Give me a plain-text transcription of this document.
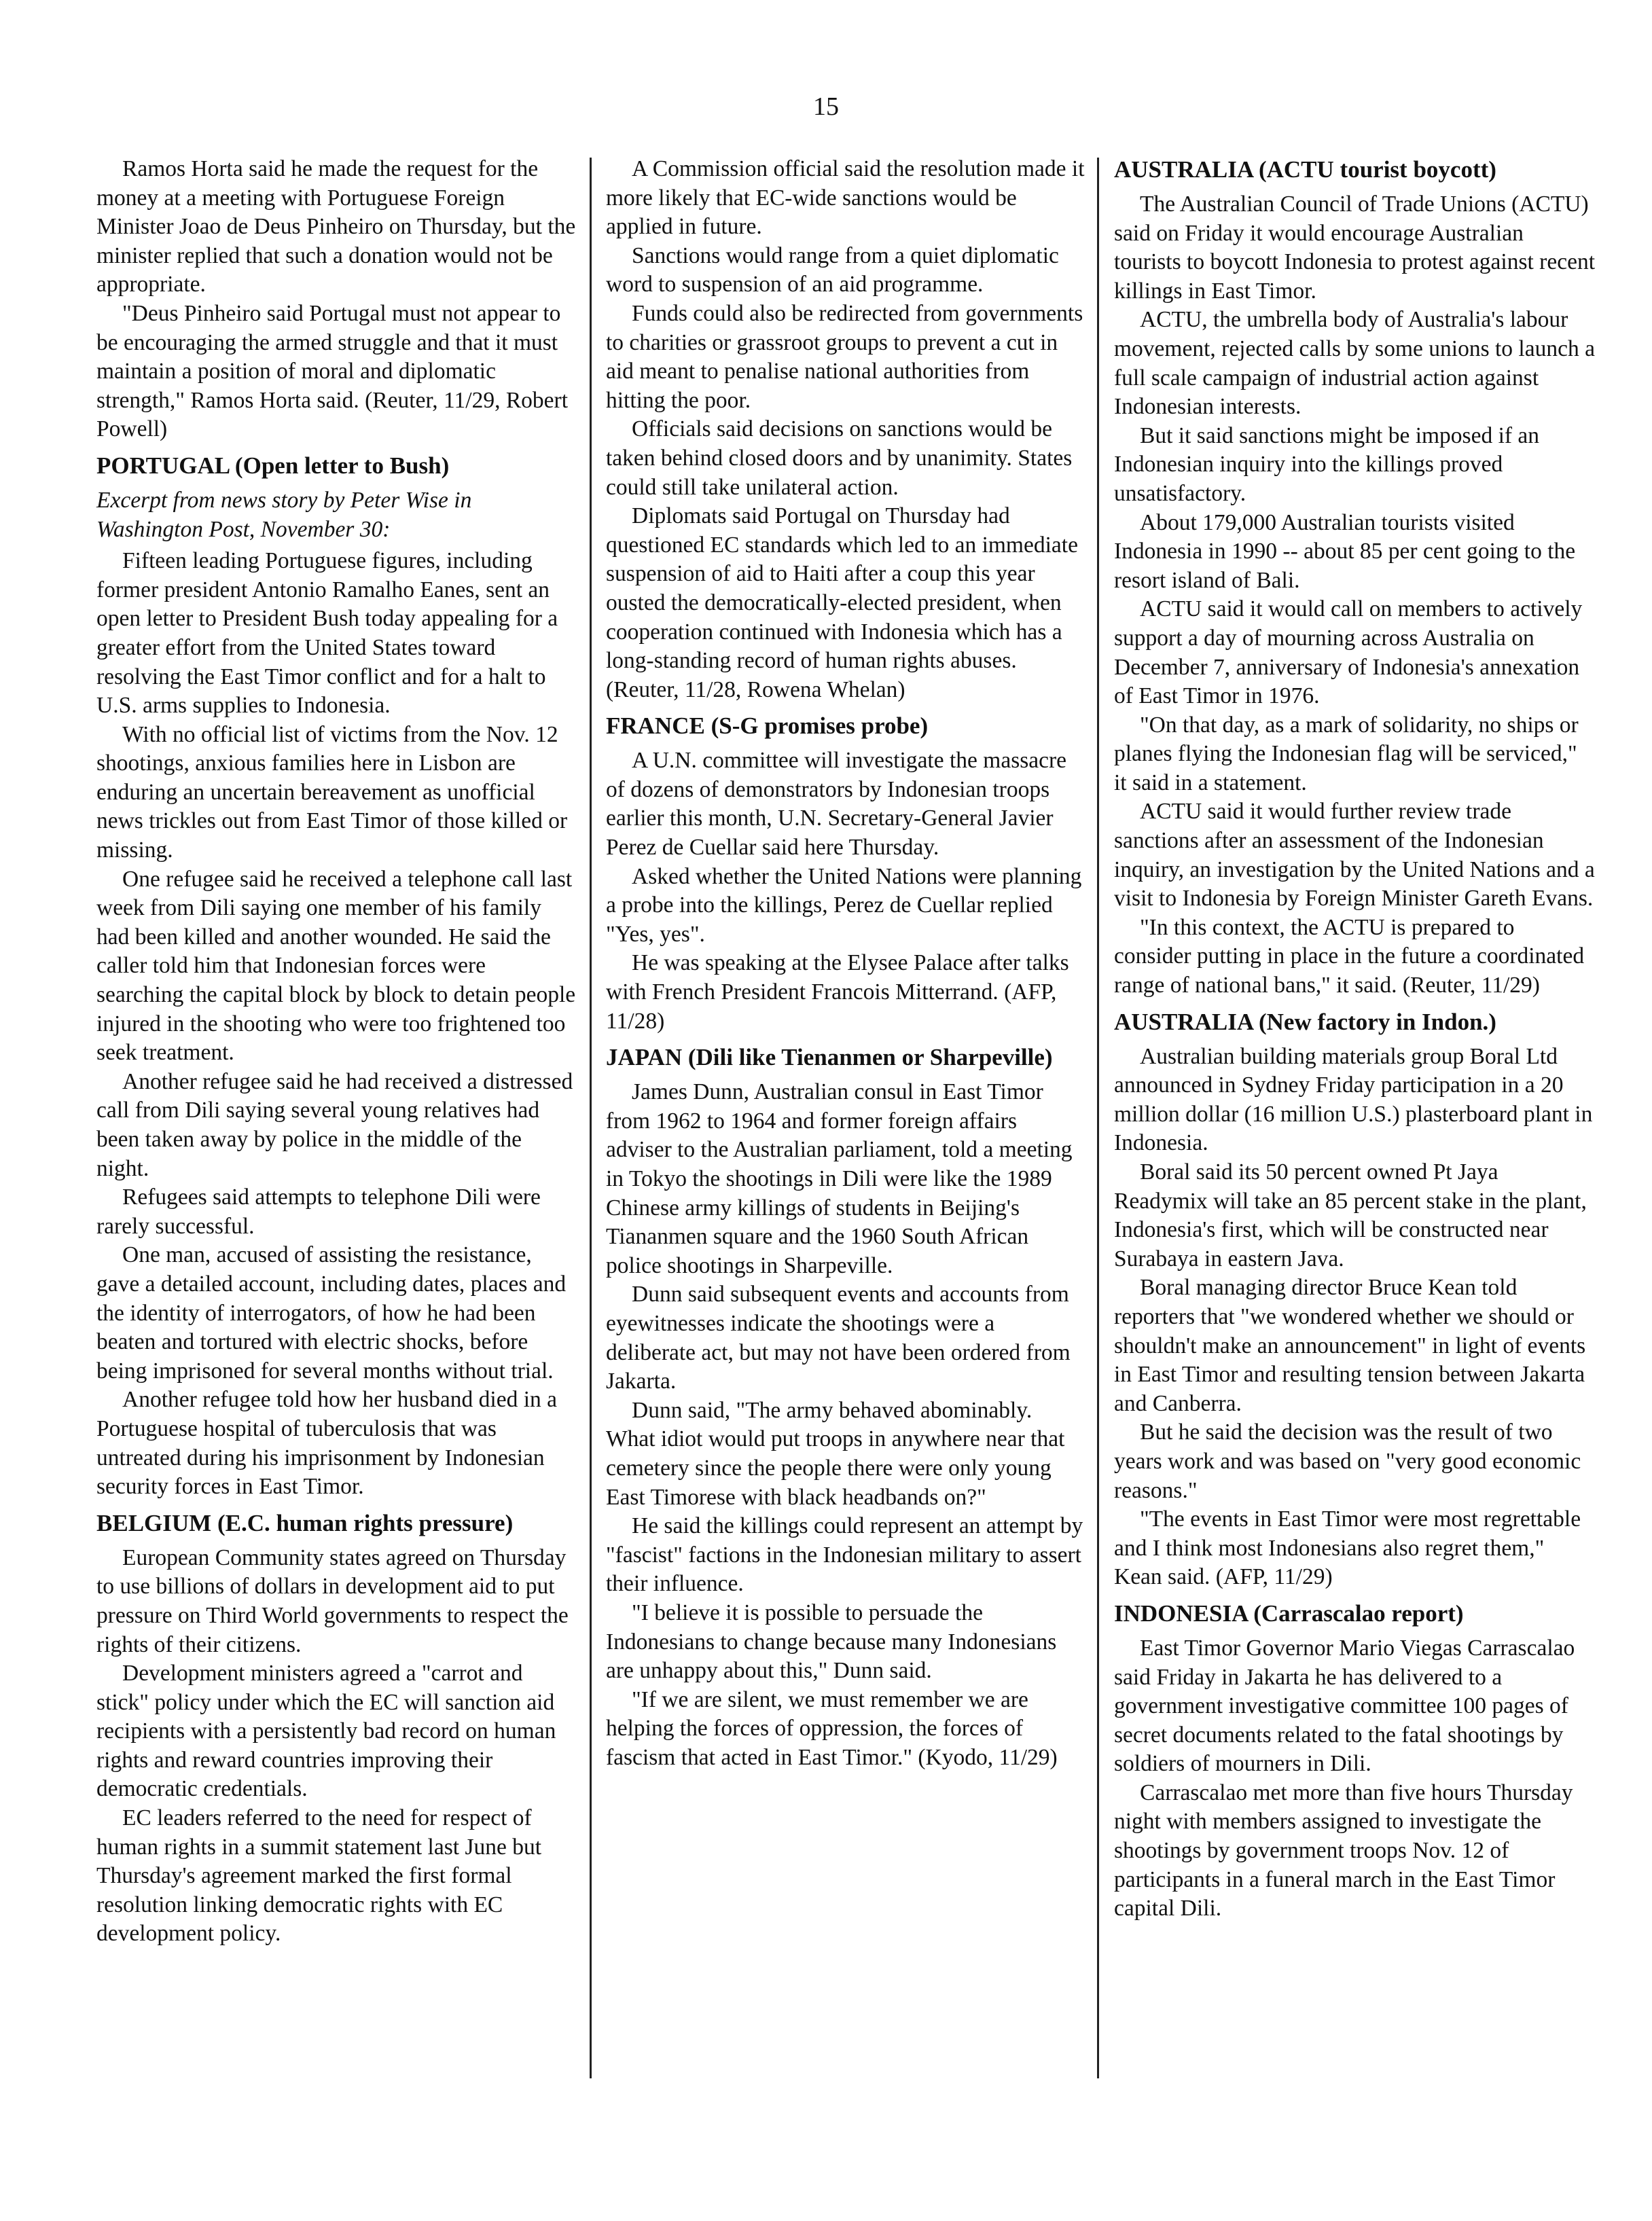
15

Ramos Horta said he made the request for the money at a meeting with Portuguese Foreign Minister Joao de Deus Pinheiro on Thursday, but the minister replied that such a donation would not be appropriate.

"Deus Pinheiro said Portugal must not appear to be encouraging the armed struggle and that it must maintain a position of moral and diplomatic strength," Ramos Horta said. (Reuter, 11/29, Robert Powell)

PORTUGAL (Open letter to Bush)

Excerpt from news story by Peter Wise in Washington Post, November 30:

Fifteen leading Portuguese figures, including former president Antonio Ramalho Eanes, sent an open letter to President Bush today appealing for a greater effort from the United States toward resolving the East Timor conflict and for a halt to U.S. arms supplies to Indonesia.

With no official list of victims from the Nov. 12 shootings, anxious families here in Lisbon are enduring an uncertain bereavement as unofficial news trickles out from East Timor of those killed or missing.

One refugee said he received a telephone call last week from Dili saying one member of his family had been killed and another wounded. He said the caller told him that Indonesian forces were searching the capital block by block to detain people injured in the shooting who were too frightened too seek treatment.

Another refugee said he had received a distressed call from Dili saying several young relatives had been taken away by police in the middle of the night.

Refugees said attempts to telephone Dili were rarely successful.

One man, accused of assisting the resistance, gave a detailed account, including dates, places and the identity of interrogators, of how he had been beaten and tortured with electric shocks, before being imprisoned for several months without trial.

Another refugee told how her husband died in a Portuguese hospital of tuberculosis that was untreated during his imprisonment by Indonesian security forces in East Timor.

BELGIUM (E.C. human rights pressure)

European Community states agreed on Thursday to use billions of dollars in development aid to put pressure on Third World governments to respect the rights of their citizens.

Development ministers agreed a "carrot and stick" policy under which the EC will sanction aid recipients with a persistently bad record on human rights and reward countries improving their democratic credentials.

EC leaders referred to the need for respect of human rights in a summit statement last June but Thursday's agreement marked the first formal resolution linking democratic rights with EC development policy.

A Commission official said the resolution made it more likely that EC-wide sanctions would be applied in future.

Sanctions would range from a quiet diplomatic word to suspension of an aid programme.

Funds could also be redirected from governments to charities or grassroot groups to prevent a cut in aid meant to penalise national authorities from hitting the poor.

Officials said decisions on sanctions would be taken behind closed doors and by unanimity. States could still take unilateral action.

Diplomats said Portugal on Thursday had questioned EC standards which led to an immediate suspension of aid to Haiti after a coup this year ousted the democratically-elected president, when cooperation continued with Indonesia which has a long-standing record of human rights abuses. (Reuter, 11/28, Rowena Whelan)

FRANCE (S-G promises probe)

A U.N. committee will investigate the massacre of dozens of demonstrators by Indonesian troops earlier this month, U.N. Secretary-General Javier Perez de Cuellar said here Thursday.

Asked whether the United Nations were planning a probe into the killings, Perez de Cuellar replied "Yes, yes".

He was speaking at the Elysee Palace after talks with French President Francois Mitterrand. (AFP, 11/28)

JAPAN (Dili like Tienanmen or Sharpeville)

James Dunn, Australian consul in East Timor from 1962 to 1964 and former foreign affairs adviser to the Australian parliament, told a meeting in Tokyo the shootings in Dili were like the 1989 Chinese army killings of students in Beijing's Tiananmen square and the 1960 South African police shootings in Sharpeville.

Dunn said subsequent events and accounts from eyewitnesses indicate the shootings were a deliberate act, but may not have been ordered from Jakarta.

Dunn said, "The army behaved abominably. What idiot would put troops in anywhere near that cemetery since the people there were only young East Timorese with black headbands on?"

He said the killings could represent an attempt by "fascist" factions in the Indonesian military to assert their influence.

"I believe it is possible to persuade the Indonesians to change because many Indonesians are unhappy about this," Dunn said.

"If we are silent, we must remember we are helping the forces of oppression, the forces of fascism that acted in East Timor." (Kyodo, 11/29)

AUSTRALIA (ACTU tourist boycott)

The Australian Council of Trade Unions (ACTU) said on Friday it would encourage Australian tourists to boycott Indonesia to protest against recent killings in East Timor.

ACTU, the umbrella body of Australia's labour movement, rejected calls by some unions to launch a full scale campaign of industrial action against Indonesian interests.

But it said sanctions might be imposed if an Indonesian inquiry into the killings proved unsatisfactory.

About 179,000 Australian tourists visited Indonesia in 1990 -- about 85 per cent going to the resort island of Bali.

ACTU said it would call on members to actively support a day of mourning across Australia on December 7, anniversary of Indonesia's annexation of East Timor in 1976.

"On that day, as a mark of solidarity, no ships or planes flying the Indonesian flag will be serviced," it said in a statement.

ACTU said it would further review trade sanctions after an assessment of the Indonesian inquiry, an investigation by the United Nations and a visit to Indonesia by Foreign Minister Gareth Evans.

"In this context, the ACTU is prepared to consider putting in place in the future a coordinated range of national bans," it said. (Reuter, 11/29)

AUSTRALIA (New factory in Indon.)

Australian building materials group Boral Ltd announced in Sydney Friday participation in a 20 million dollar (16 million U.S.) plasterboard plant in Indonesia.

Boral said its 50 percent owned Pt Jaya Readymix will take an 85 percent stake in the plant, Indonesia's first, which will be constructed near Surabaya in eastern Java.

Boral managing director Bruce Kean told reporters that "we wondered whether we should or shouldn't make an announcement" in light of events in East Timor and resulting tension between Jakarta and Canberra.

But he said the decision was the result of two years work and was based on "very good economic reasons."

"The events in East Timor were most regrettable and I think most Indonesians also regret them," Kean said. (AFP, 11/29)

INDONESIA (Carrascalao report)

East Timor Governor Mario Viegas Carrascalao said Friday in Jakarta he has delivered to a government investigative committee 100 pages of secret documents related to the fatal shootings by soldiers of mourners in Dili.

Carrascalao met more than five hours Thursday night with members assigned to investigate the shootings by government troops Nov. 12 of participants in a funeral march in the East Timor capital Dili.
